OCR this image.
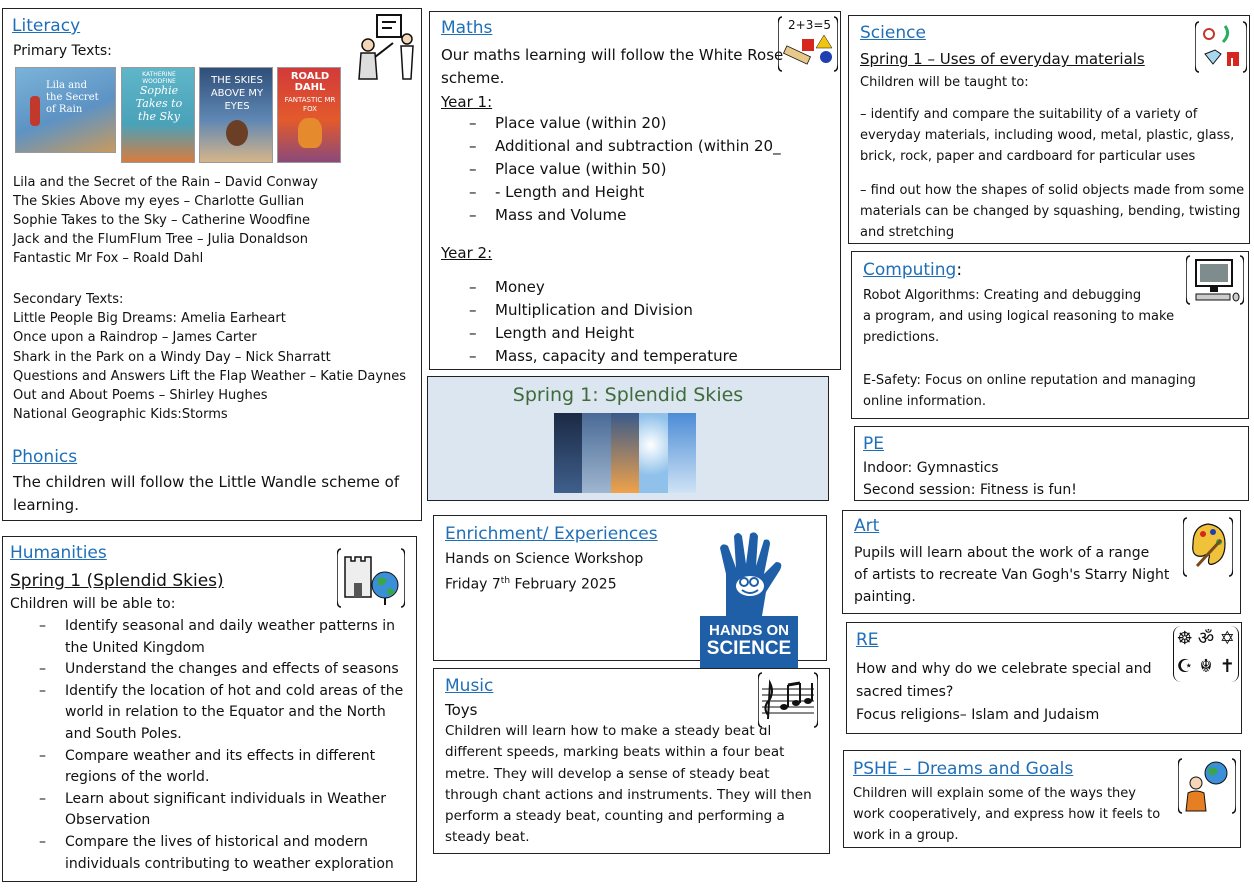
Literacy
Primary Texts:
Lila and the Secret of Rain
KATHERINE WOODFINE
Sophie Takes to the Sky
THE SKIES ABOVE MY EYES
ROALD DAHL
FANTASTIC MR FOX
Lila and the Secret of the Rain – David Conway
The Skies Above my eyes – Charlotte Gullian
Sophie Takes to the Sky – Catherine Woodfine
Jack and the FlumFlum Tree – Julia Donaldson
Fantastic Mr Fox – Roald Dahl
Secondary Texts:
Little People Big Dreams: Amelia Earheart
Once upon a Raindrop – James Carter
Shark in the Park on a Windy Day – Nick Sharratt
Questions and Answers Lift the Flap Weather – Katie Daynes
Out and About Poems – Shirley Hughes
National Geographic Kids:Storms
Phonics
The children will follow the Little Wandle scheme of
learning.
Maths
Our maths learning will follow the White Rose
scheme.
2+3=5
Year 1:
– Place value (within 20)
– Additional and subtraction (within 20_
– Place value (within 50)
– - Length and Height
– Mass and Volume
Year 2:
– Money
– Multiplication and Division
– Length and Height
– Mass, capacity and temperature
Spring 1: Splendid Skies
Science
Spring 1 – Uses of everyday materials
Children will be taught to:
– identify and compare the suitability of a variety of
everyday materials, including wood, metal, plastic, glass,
brick, rock, paper and cardboard for particular uses
– find out how the shapes of solid objects made from some
materials can be changed by squashing, bending, twisting
and stretching
Computing:
Robot Algorithms: Creating and debugging
a program, and using logical reasoning to make
predictions.
E-Safety: Focus on online reputation and managing
online information.
PE
Indoor: Gymnastics
Second session: Fitness is fun!
Humanities
Spring 1 (Splendid Skies)
Children will be able to:
– Identify seasonal and daily weather patterns in
the United Kingdom
– Understand the changes and effects of seasons
– Identify the location of hot and cold areas of the
world in relation to the Equator and the North
and South Poles.
– Compare weather and its effects in different
regions of the world.
– Learn about significant individuals in Weather
Observation
– Compare the lives of historical and modern
individuals contributing to weather exploration
Enrichment/ Experiences
Hands on Science Workshop
Friday 7th February 2025
HANDS ON
SCIENCE
Art
Pupils will learn about the work of a range
of artists to recreate Van Gogh's Starry Night
painting.
RE
How and why do we celebrate special and
sacred times?
Focus religions– Islam and Judaism
☸ ॐ ✡
☪ ☬ ✝
Music
Toys
Children will learn how to make a steady beat ɑl
different speeds, marking beats within a four beat
metre. They will develop a sense of steady beat
through chant actions and instruments. They will then
perform a steady beat, counting and performing a
steady beat.
PSHE – Dreams and Goals
Children will explain some of the ways they
work cooperatively, and express how it feels to
work in a group.
